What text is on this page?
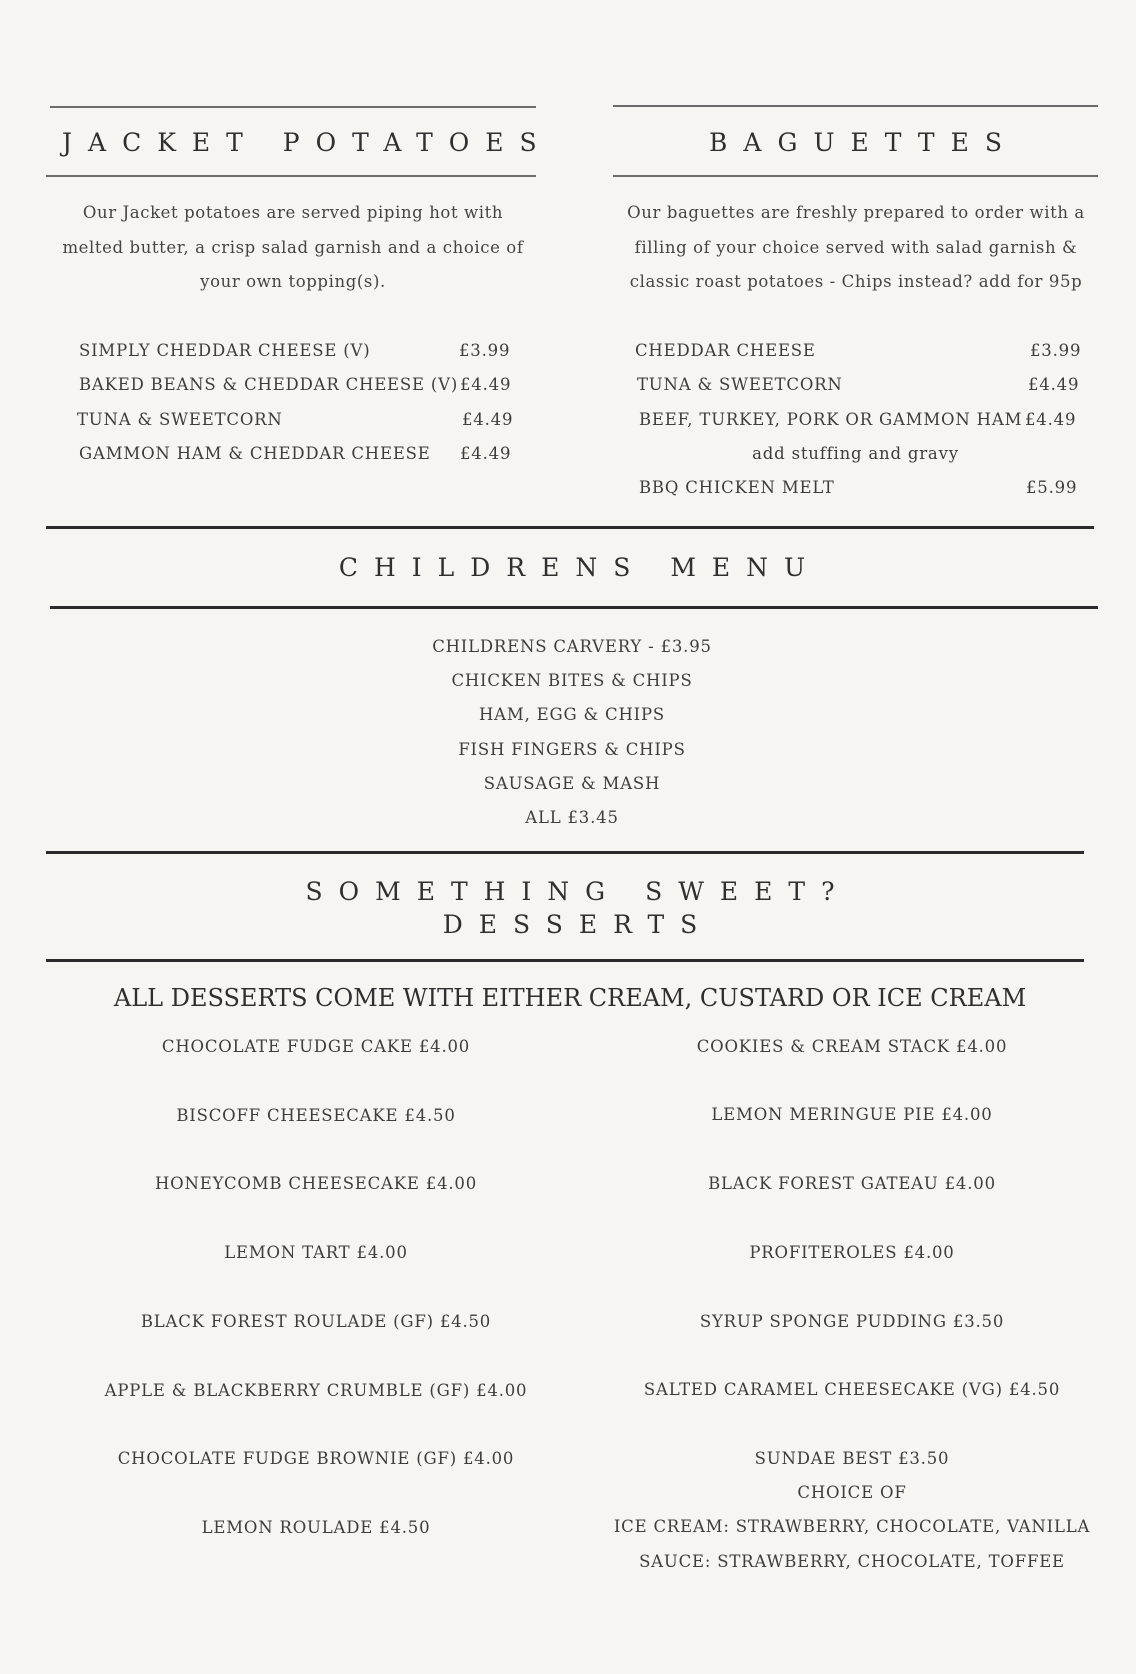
JACKET POTATOES
Our Jacket potatoes are served piping hot with
melted butter, a crisp salad garnish and a choice of
your own topping(s).
SIMPLY CHEDDAR CHEESE (V)	£3.99
BAKED BEANS & CHEDDAR CHEESE (V) £4.49
TUNA & SWEETCORN	£4.49
GAMMON HAM & CHEDDAR CHEESE £4.49
BAGUETTES
Our baguettes are freshly prepared to order with a
filling of your choice served with salad garnish &
classic roast potatoes - Chips instead? add for 95p
CHEDDAR CHEESE	£3.99
TUNA & SWEETCORN	£4.49
BEEF, TURKEY, PORK OR GAMMON HAM £4.49
add stuffing and gravy
BBQ CHICKEN MELT	£5.99
CHILDRENS MENU
CHILDRENS CARVERY - £3.95
CHICKEN BITES & CHIPS
HAM, EGG & CHIPS
FISH FINGERS & CHIPS
SAUSAGE & MASH
ALL £3.45
SOMETHING SWEET?
DESSERTS
ALL DESSERTS COME WITH EITHER CREAM, CUSTARD OR ICE CREAM
CHOCOLATE FUDGE CAKE £4.00
BISCOFF CHEESECAKE £4.50
HONEYCOMB CHEESECAKE £4.00
LEMON TART £4.00
BLACK FOREST ROULADE (GF) £4.50
APPLE & BLACKBERRY CRUMBLE (GF) £4.00
CHOCOLATE FUDGE BROWNIE (GF) £4.00
LEMON ROULADE £4.50
COOKIES & CREAM STACK £4.00
LEMON MERINGUE PIE £4.00
BLACK FOREST GATEAU £4.00
PROFITEROLES £4.00
SYRUP SPONGE PUDDING £3.50
SALTED CARAMEL CHEESECAKE (VG) £4.50
SUNDAE BEST £3.50
CHOICE OF
ICE CREAM: STRAWBERRY, CHOCOLATE, VANILLA
SAUCE: STRAWBERRY, CHOCOLATE, TOFFEE
